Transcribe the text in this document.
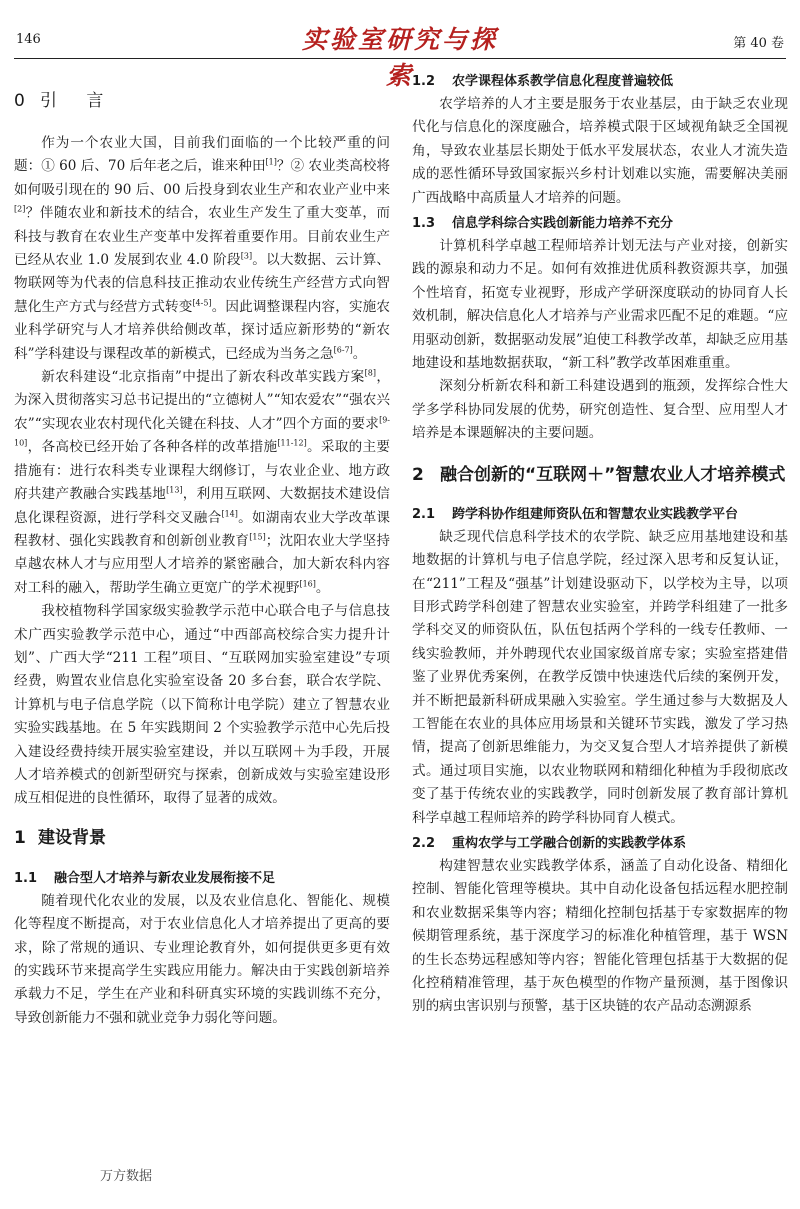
146	实验室研究与探索
第 40 卷
0 引 言

作为一个农业大国，目前我们面临的一个比较严重的问题：① 60 后、70 后年老之后，谁来种田[1]？② 农业类高校将如何吸引现在的 90 后、00 后投身到农业生产和农业产业中来[2]？伴随农业和新技术的结合，农业生产发生了重大变革，而科技与教育在农业生产变革中发挥着重要作用。目前农业生产已经从农业 1.0 发展到农业 4.0 阶段[3]。以大数据、云计算、物联网等为代表的信息科技正推动农业传统生产经营方式向智慧化生产方式与经营方式转变[4-5]。因此调整课程内容，实施农业科学研究与人才培养供给侧改革，探讨适应新形势的“新农科”学科建设与课程改革的新模式，已经成为当务之急[6-7]。

新农科建设“北京指南”中提出了新农科改革实践方案[8]，为深入贯彻落实习总书记提出的“立德树人”“知农爱农”“强农兴农”“实现农业农村现代化关键在科技、人才”四个方面的要求[9-10]，各高校已经开始了各种各样的改革措施[11-12]。采取的主要措施有：进行农科类专业课程大纲修订，与农业企业、地方政府共建产教融合实践基地[13]，利用互联网、大数据技术建设信息化课程资源，进行学科交叉融合[14]。如湖南农业大学改革课程教材、强化实践教育和创新创业教育[15]；沈阳农业大学坚持卓越农林人才与应用型人才培养的紧密融合，加大新农科内容对工科的融入，帮助学生确立更宽广的学术视野[16]。

我校植物科学国家级实验教学示范中心联合电子与信息技术广西实验教学示范中心，通过“中西部高校综合实力提升计划”、广西大学“211 工程”项目、“互联网加实验室建设”专项经费，购置农业信息化实验室设备 20 多台套，联合农学院、计算机与电子信息学院（以下简称计电学院）建立了智慧农业实验实践基地。在 5 年实践期间 2 个实验教学示范中心先后投入建设经费持续开展实验室建设，并以互联网＋为手段，开展人才培养模式的创新型研究与探索，创新成效与实验室建设形成互相促进的良性循环，取得了显著的成效。

1 建设背景
1.1	融合型人才培养与新农业发展衔接不足

随着现代化农业的发展，以及农业信息化、智能化、规模化等程度不断提高，对于农业信息化人才培养提出了更高的要求，除了常规的通识、专业理论教育外，如何提供更多更有效的实践环节来提高学生实践应用能力。解决由于实践创新培养承载力不足，学生在产业和科研真实环境的实践训练不充分，导致创新能力不强和就业竞争力弱化等问题。

1.2	农学课程体系教学信息化程度普遍较低

农学培养的人才主要是服务于农业基层，由于缺乏农业现代化与信息化的深度融合，培养模式限于区域视角缺乏全国视角，导致农业基层长期处于低水平发展状态，农业人才流失造成的恶性循环导致国家振兴乡村计划难以实施，需要解决美丽广西战略中高质量人才培养的问题。

1.3	信息学科综合实践创新能力培养不充分

计算机科学卓越工程师培养计划无法与产业对接，创新实践的源泉和动力不足。如何有效推进优质科教资源共享，加强个性培育，拓宽专业视野，形成产学研深度联动的协同育人长效机制，解决信息化人才培养与产业需求匹配不足的难题。“应用驱动创新，数据驱动发展”迫使工科教学改革，却缺乏应用基地建设和基地数据获取，“新工科”教学改革困难重重。

深刻分析新农科和新工科建设遇到的瓶颈，发挥综合性大学多学科协同发展的优势，研究创造性、复合型、应用型人才培养是本课题解决的主要问题。

2 融合创新的“互联网＋”智慧农业人才培养模式
2.1	跨学科协作组建师资队伍和智慧农业实践教学平台

缺乏现代信息科学技术的农学院、缺乏应用基地建设和基地数据的计算机与电子信息学院，经过深入思考和反复认证，在“211”工程及“强基”计划建设驱动下，以学校为主导，以项目形式跨学科创建了智慧农业实验室，并跨学科组建了一批多学科交叉的师资队伍，队伍包括两个学科的一线专任教师、一线实验教师，并外聘现代农业国家级首席专家；实验室搭建借鉴了业界优秀案例，在教学反馈中快速迭代后续的案例开发，并不断把最新科研成果融入实验室。学生通过参与大数据及人工智能在农业的具体应用场景和关键环节实践，激发了学习热情，提高了创新思维能力，为交叉复合型人才培养提供了新模式。通过项目实施，以农业物联网和精细化种植为手段彻底改变了基于传统农业的实践教学，同时创新发展了教育部计算机科学卓越工程师培养的跨学科协同育人模式。

2.2	重构农学与工学融合创新的实践教学体系

构建智慧农业实践教学体系，涵盖了自动化设备、精细化控制、智能化管理等模块。其中自动化设备包括远程水肥控制和农业数据采集等内容；精细化控制包括基于专家数据库的物候期管理系统，基于深度学习的标准化种植管理，基于 WSN 的生长态势远程感知等内容；智能化管理包括基于大数据的促化控稍精准管理，基于灰色模型的作物产量预测，基于图像识别的病虫害识别与预警，基于区块链的农产品动态溯源系

万方数据
